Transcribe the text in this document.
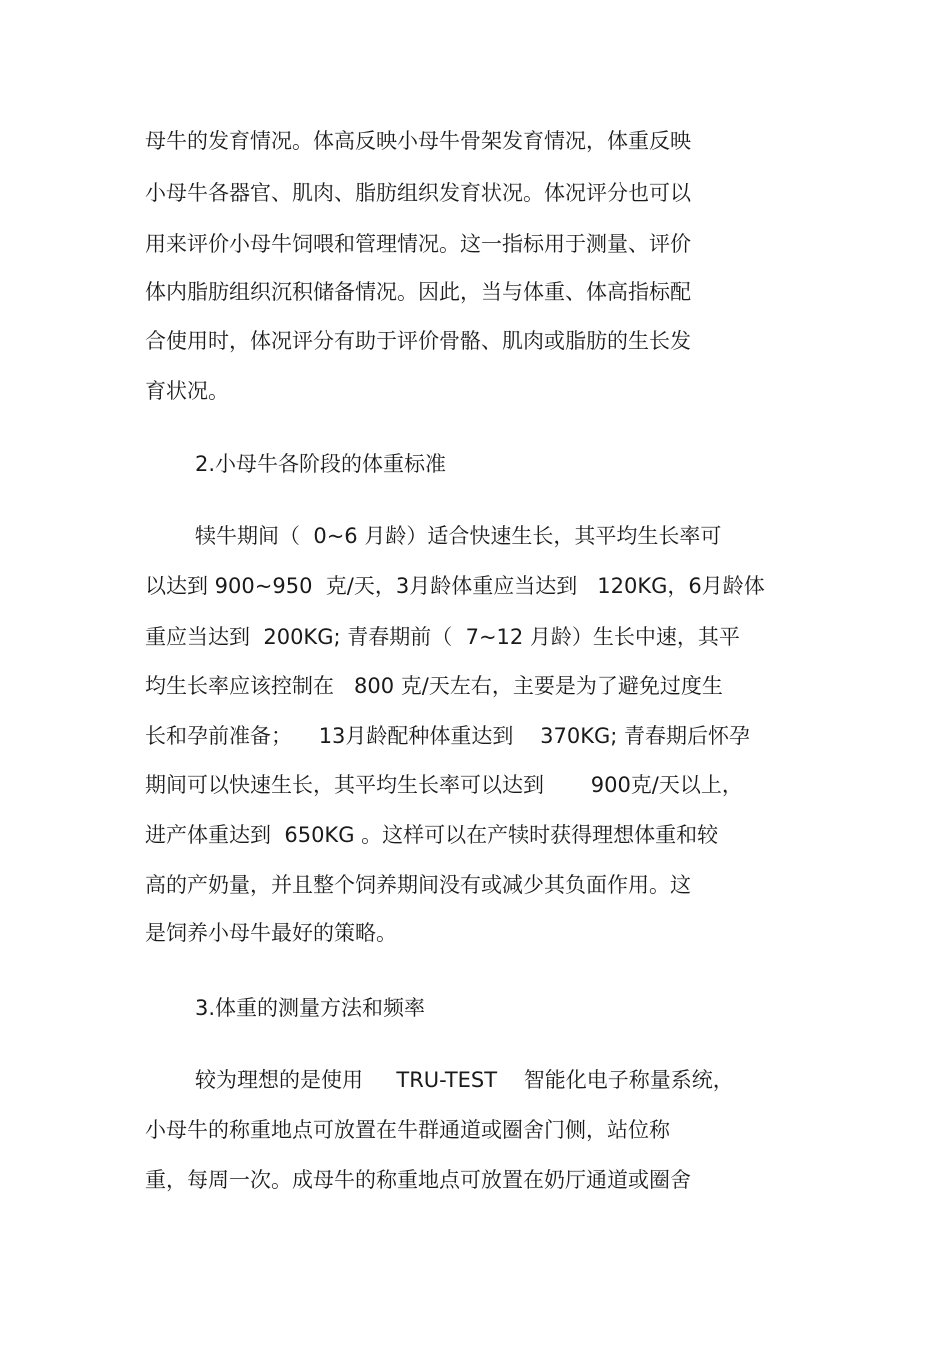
母牛的发育情况。体高反映小母牛骨架发育情况，体重反映

小母牛各器官、肌肉、脂肪组织发育状况。体况评分也可以

用来评价小母牛饲喂和管理情况。这一指标用于测量、评价

体内脂肪组织沉积储备情况。因此，当与体重、体高指标配

合使用时，体况评分有助于评价骨骼、肌肉或脂肪的生长发

育状况。

2.小母牛各阶段的体重标准

犊牛期间（  0~6 月龄）适合快速生长，其平均生长率可

以达到 900~950  克/天，3月龄体重应当达到   120KG，6月龄体

重应当达到  200KG; 青春期前（  7~12 月龄）生长中速，其平

均生长率应该控制在   800 克/天左右，主要是为了避免过度生

长和孕前准备；    13月龄配种体重达到    370KG; 青春期后怀孕

期间可以快速生长，其平均生长率可以达到       900克/天以上，

进产体重达到  650KG 。这样可以在产犊时获得理想体重和较

高的产奶量，并且整个饲养期间没有或减少其负面作用。这

是饲养小母牛最好的策略。

3.体重的测量方法和频率

较为理想的是使用     TRU-TEST    智能化电子称量系统，

小母牛的称重地点可放置在牛群通道或圈舍门侧，站位称

重，每周一次。成母牛的称重地点可放置在奶厅通道或圈舍
